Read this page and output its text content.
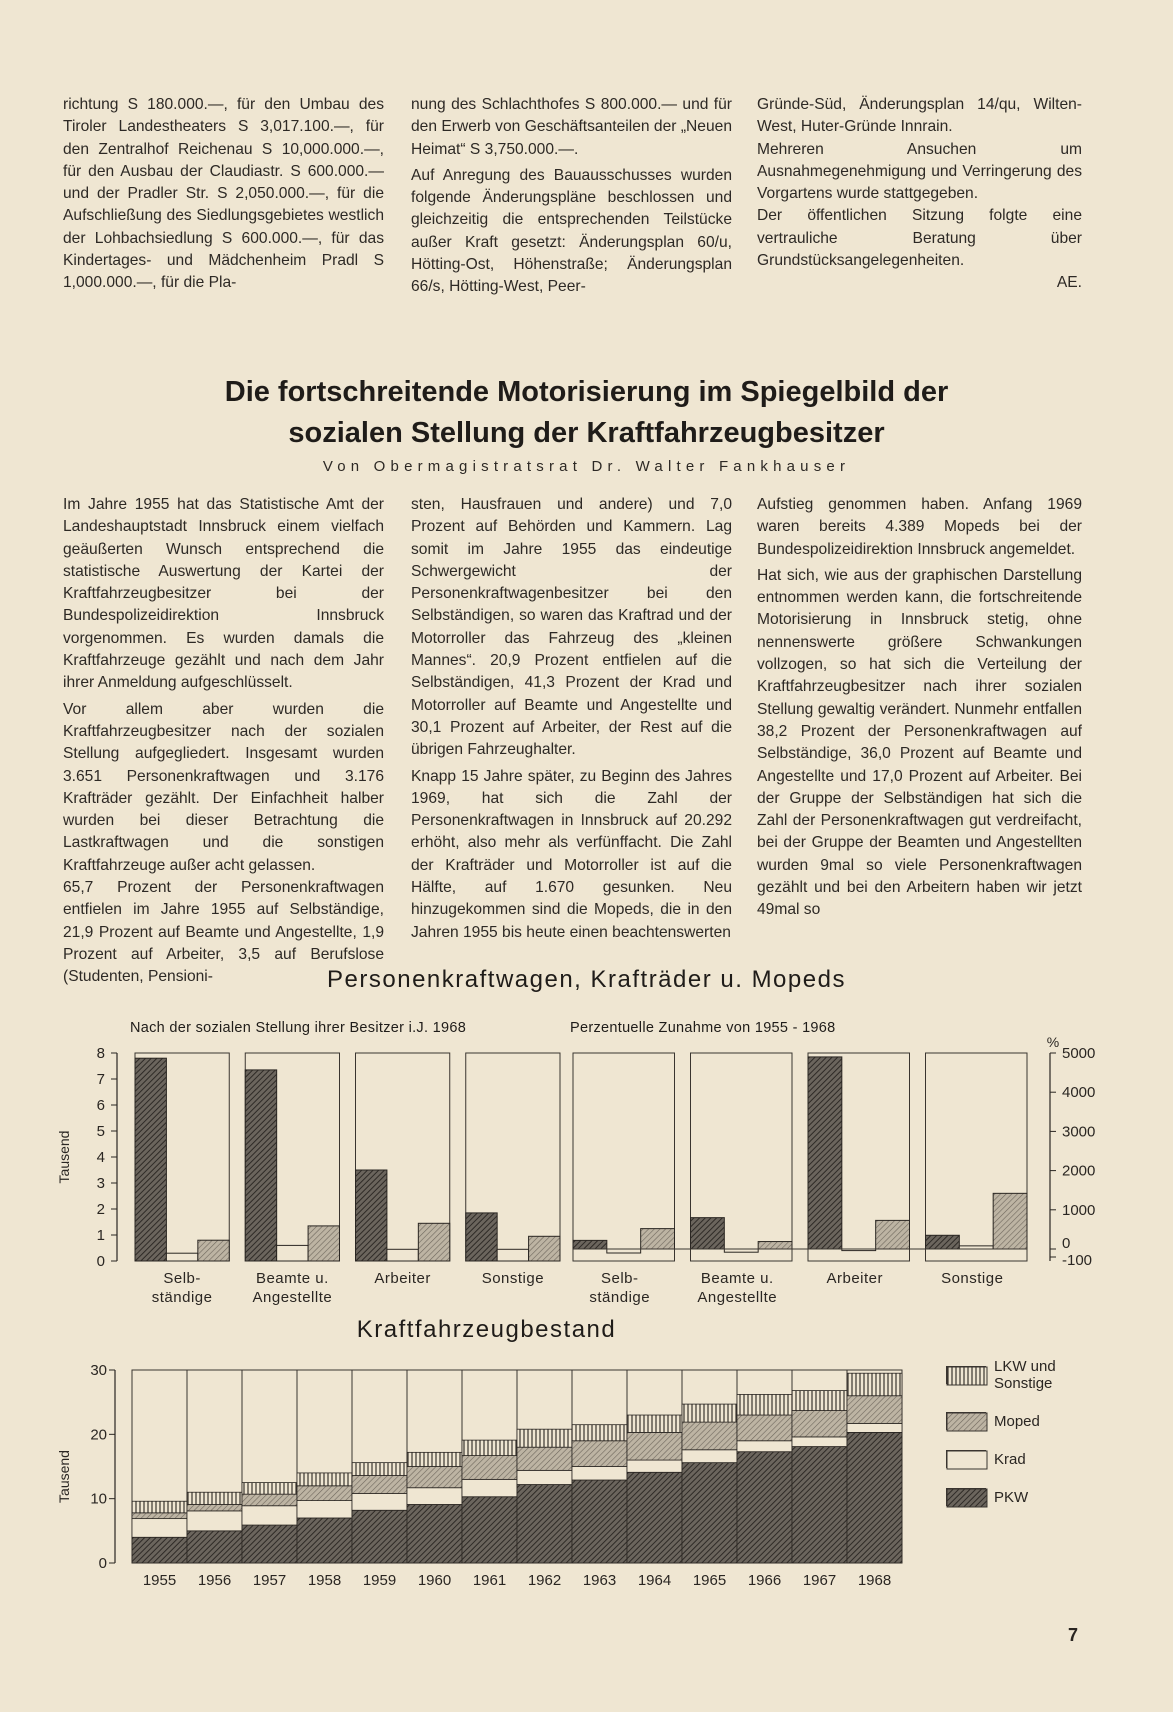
richtung S 180.000.—, für den Umbau des Tiroler Landestheaters S 3,017.100.—, für den Zentralhof Reichenau S 10,000.000.—, für den Ausbau der Claudiastr. S 600.000.— und der Pradler Str. S 2,050.000.—, für die Aufschließung des Siedlungsgebietes westlich der Lohbachsiedlung S 600.000.—, für das Kindertages- und Mädchenheim Pradl S 1,000.000.—, für die Pla-

nung des Schlachthofes S 800.000.— und für den Erwerb von Geschäftsanteilen der „Neuen Heimat“ S 3,750.000.—.

Auf Anregung des Bauausschusses wurden folgende Änderungspläne beschlossen und gleichzeitig die entsprechenden Teilstücke außer Kraft gesetzt: Änderungsplan 60/u, Hötting-Ost, Höhenstraße; Änderungsplan 66/s, Hötting-West, Peer-

Gründe-Süd, Änderungsplan 14/qu, Wilten-West, Huter-Gründe Innrain.

Mehreren Ansuchen um Ausnahmegenehmigung und Verringerung des Vorgartens wurde stattgegeben.

Der öffentlichen Sitzung folgte eine vertrauliche Beratung über Grundstücksangelegenheiten.

AE.

Die fortschreitende Motorisierung im Spiegelbild der
sozialen Stellung der Kraftfahrzeugbesitzer
Von Obermagistratsrat Dr. Walter Fankhauser

Im Jahre 1955 hat das Statistische Amt der Landeshauptstadt Innsbruck einem vielfach geäußerten Wunsch entsprechend die statistische Auswertung der Kartei der Kraftfahrzeugbesitzer bei der Bundespolizeidirektion Innsbruck vorgenommen. Es wurden damals die Kraftfahrzeuge gezählt und nach dem Jahr ihrer Anmeldung aufgeschlüsselt.

Vor allem aber wurden die Kraftfahrzeugbesitzer nach der sozialen Stellung aufgegliedert. Insgesamt wurden 3.651 Personenkraftwagen und 3.176 Krafträder gezählt. Der Einfachheit halber wurden bei dieser Betrachtung die Lastkraftwagen und die sonstigen Kraftfahrzeuge außer acht gelassen.

65,7 Prozent der Personenkraftwagen entfielen im Jahre 1955 auf Selbständige, 21,9 Prozent auf Beamte und Angestellte, 1,9 Prozent auf Arbeiter, 3,5 auf Berufslose (Studenten, Pensioni-

sten, Hausfrauen und andere) und 7,0 Prozent auf Behörden und Kammern. Lag somit im Jahre 1955 das eindeutige Schwergewicht der Personenkraftwagenbesitzer bei den Selbständigen, so waren das Kraftrad und der Motorroller das Fahrzeug des „kleinen Mannes“. 20,9 Prozent entfielen auf die Selbständigen, 41,3 Prozent der Krad und Motorroller auf Beamte und Angestellte und 30,1 Prozent auf Arbeiter, der Rest auf die übrigen Fahrzeughalter.

Knapp 15 Jahre später, zu Beginn des Jahres 1969, hat sich die Zahl der Personenkraftwagen in Innsbruck auf 20.292 erhöht, also mehr als verfünffacht. Die Zahl der Krafträder und Motorroller ist auf die Hälfte, auf 1.670 gesunken. Neu hinzugekommen sind die Mopeds, die in den Jahren 1955 bis heute einen beachtenswerten

Aufstieg genommen haben. Anfang 1969 waren bereits 4.389 Mopeds bei der Bundespolizeidirektion Innsbruck angemeldet.

Hat sich, wie aus der graphischen Darstellung entnommen werden kann, die fortschreitende Motorisierung in Innsbruck stetig, ohne nennenswerte größere Schwankungen vollzogen, so hat sich die Verteilung der Kraftfahrzeugbesitzer nach ihrer sozialen Stellung gewaltig verändert. Nunmehr entfallen 38,2 Prozent der Personenkraftwagen auf Selbständige, 36,0 Prozent auf Beamte und Angestellte und 17,0 Prozent auf Arbeiter. Bei der Gruppe der Selbständigen hat sich die Zahl der Personenkraftwagen gut verdreifacht, bei der Gruppe der Beamten und Angestellten wurden 9mal so viele Personenkraftwagen gezählt und bei den Arbeitern haben wir jetzt 49mal so

Personenkraftwagen, Krafträder u. Mopeds
Nach der sozialen Stellung ihrer Besitzer i.J. 1968	Perzentuelle Zunahme von 1955 - 1968
0
1
2
3
4
5
6
7
8
Tausend
Selb-
ständige
Beamte u.
Angestellte
Arbeiter	Sonstige
%
-100
0
1000
2000
3000
4000
5000
Selb-
ständige
Beamte u.
Angestellte
Arbeiter	Sonstige
Kraftfahrzeugbestand
0
10
20
30
Tausend
1955 1956 1957 1958 1959 1960 1961 1962 1963 1964 1965 1966 1967 1968
LKW und Sonstige
Moped
Krad
PKW
7
